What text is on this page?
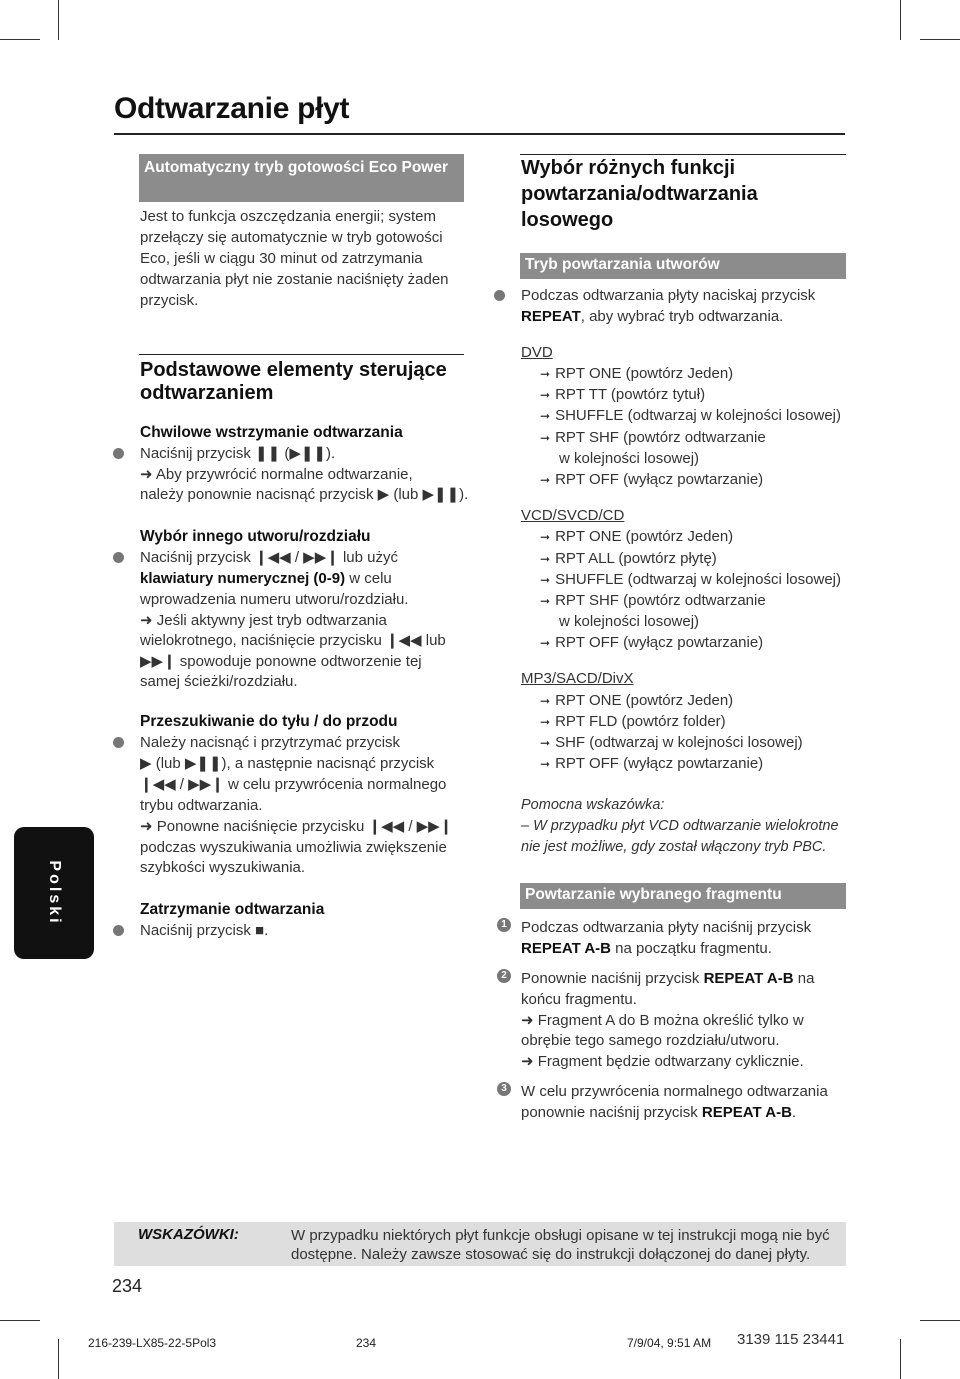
Odtwarzanie płyt
Polski
Automatyczny tryb gotowości Eco Power
Jest to funkcja oszczędzania energii; system przełączy się automatycznie w tryb gotowości Eco, jeśli w ciągu 30 minut od zatrzymania odtwarzania płyt nie zostanie naciśnięty żaden przycisk.
Podstawowe elementy sterujące
odtwarzaniem
Chwilowe wstrzymanie odtwarzania
Naciśnij przycisk ❚❚ (▶❚❚).
➜ Aby przywrócić normalne odtwarzanie,
należy ponownie nacisnąć przycisk ▶ (lub ▶❚❚).
Wybór innego utworu/rozdziału
Naciśnij przycisk ❙◀◀ / ▶▶❙ lub użyć
klawiatury numerycznej (0-9) w celu
wprowadzenia numeru utworu/rozdziału.
➜ Jeśli aktywny jest tryb odtwarzania
wielokrotnego, naciśnięcie przycisku ❙◀◀ lub
▶▶❙ spowoduje ponowne odtworzenie tej
samej ścieżki/rozdziału.
Przeszukiwanie do tyłu / do przodu
Należy nacisnąć i przytrzymać przycisk
▶ (lub ▶❚❚), a następnie nacisnąć przycisk
❙◀◀ / ▶▶❙ w celu przywrócenia normalnego
trybu odtwarzania.
➜ Ponowne naciśnięcie przycisku ❙◀◀ / ▶▶❙
podczas wyszukiwania umożliwia zwiększenie
szybkości wyszukiwania.
Zatrzymanie odtwarzania
Naciśnij przycisk ■.
Wybór różnych funkcji
powtarzania/odtwarzania
losowego
Tryb powtarzania utworów
Podczas odtwarzania płyty naciskaj przycisk
REPEAT, aby wybrać tryb odtwarzania.
DVD
➞ RPT ONE (powtórz Jeden)
➞ RPT TT (powtórz tytuł)
➞ SHUFFLE (odtwarzaj w kolejności losowej)
➞ RPT SHF (powtórz odtwarzanie
w kolejności losowej)
➞ RPT OFF (wyłącz powtarzanie)
VCD/SVCD/CD
➞ RPT ONE (powtórz Jeden)
➞ RPT ALL (powtórz płytę)
➞ SHUFFLE (odtwarzaj w kolejności losowej)
➞ RPT SHF (powtórz odtwarzanie
w kolejności losowej)
➞ RPT OFF (wyłącz powtarzanie)
MP3/SACD/DivX
➞ RPT ONE (powtórz Jeden)
➞ RPT FLD (powtórz folder)
➞ SHF (odtwarzaj w kolejności losowej)
➞ RPT OFF (wyłącz powtarzanie)
Pomocna wskazówka:
– W przypadku płyt VCD odtwarzanie wielokrotne
nie jest możliwe, gdy został włączony tryb PBC.
Powtarzanie wybranego fragmentu
1 Podczas odtwarzania płyty naciśnij przycisk
REPEAT A-B na początku fragmentu.
2 Ponownie naciśnij przycisk REPEAT A-B na
końcu fragmentu.
➜ Fragment A do B można określić tylko w
obrębie tego samego rozdziału/utworu.
➜ Fragment będzie odtwarzany cyklicznie.
3 W celu przywrócenia normalnego odtwarzania
ponownie naciśnij przycisk REPEAT A-B.
WSKAZÓWKI:	W przypadku niektórych płyt funkcje obsługi opisane w tej instrukcji mogą nie być dostępne. Należy zawsze stosować się do instrukcji dołączonej do danej płyty.
234
216-239-LX85-22-5Pol3	234	7/9/04, 9:51 AM 3139 115 23441
